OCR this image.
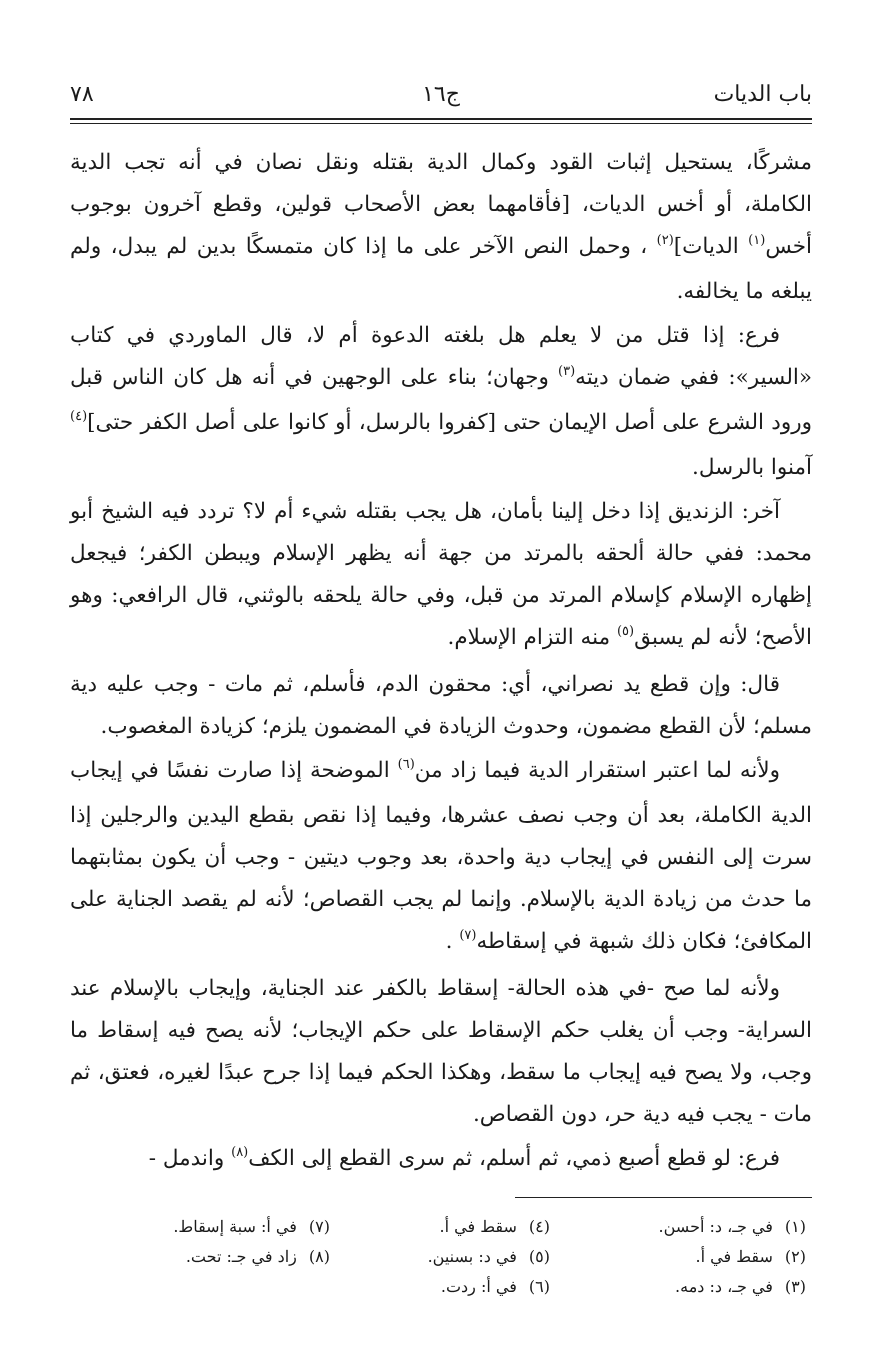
باب الديات
ج١٦
٧٨

مشركًا، يستحيل إثبات القود وكمال الدية بقتله ونقل نصان في أنه تجب الدية الكاملة، أو أخس الديات، [فأقامهما بعض الأصحاب قولين، وقطع آخرون بوجوب أخس$^{(١)}$ الديات]$^{(٢)}$ ، وحمل النص الآخر على ما إذا كان متمسكًا بدين لم يبدل، ولم يبلغه ما يخالفه.

فرع: إذا قتل من لا يعلم هل بلغته الدعوة أم لا، قال الماوردي في كتاب «السير»: ففي ضمان ديته$^{(٣)}$ وجهان؛ بناء على الوجهين في أنه هل كان الناس قبل ورود الشرع على أصل الإيمان حتى [كفروا بالرسل، أو كانوا على أصل الكفر حتى]$^{(٤)}$ آمنوا بالرسل.

آخر: الزنديق إذا دخل إلينا بأمان، هل يجب بقتله شيء أم لا؟ تردد فيه الشيخ أبو محمد: ففي حالة ألحقه بالمرتد من جهة أنه يظهر الإسلام ويبطن الكفر؛ فيجعل إظهاره الإسلام كإسلام المرتد من قبل، وفي حالة يلحقه بالوثني، قال الرافعي: وهو الأصح؛ لأنه لم يسبق$^{(٥)}$ منه التزام الإسلام.

قال: وإن قطع يد نصراني، أي: محقون الدم، فأسلم، ثم مات - وجب عليه دية مسلم؛ لأن القطع مضمون، وحدوث الزيادة في المضمون يلزم؛ كزيادة المغصوب.

ولأنه لما اعتبر استقرار الدية فيما زاد من$^{(٦)}$ الموضحة إذا صارت نفسًا في إيجاب الدية الكاملة، بعد أن وجب نصف عشرها، وفيما إذا نقص بقطع اليدين والرجلين إذا سرت إلى النفس في إيجاب دية واحدة، بعد وجوب ديتين - وجب أن يكون بمثابتهما ما حدث من زيادة الدية بالإسلام. وإنما لم يجب القصاص؛ لأنه لم يقصد الجناية على المكافئ؛ فكان ذلك شبهة في إسقاطه$^{(٧)}$ .

ولأنه لما صح -في هذه الحالة- إسقاط بالكفر عند الجناية، وإيجاب بالإسلام عند السراية- وجب أن يغلب حكم الإسقاط على حكم الإيجاب؛ لأنه يصح فيه إسقاط ما وجب، ولا يصح فيه إيجاب ما سقط، وهكذا الحكم فيما إذا جرح عبدًا لغيره، فعتق، ثم مات - يجب فيه دية حر، دون القصاص.

فرع: لو قطع أصبع ذمي، ثم أسلم، ثم سرى القطع إلى الكف$^{(٨)}$ واندمل -

(١)في جـ، د: أحسن.
(٢)سقط في أ.
(٣)في جـ، د: دمه.
(٤)سقط في أ.
(٥)في د: بسنين.
(٦)في أ: ردت.
(٧)في أ: سبة إسقاط.
(٨)زاد في جـ: تحت.
